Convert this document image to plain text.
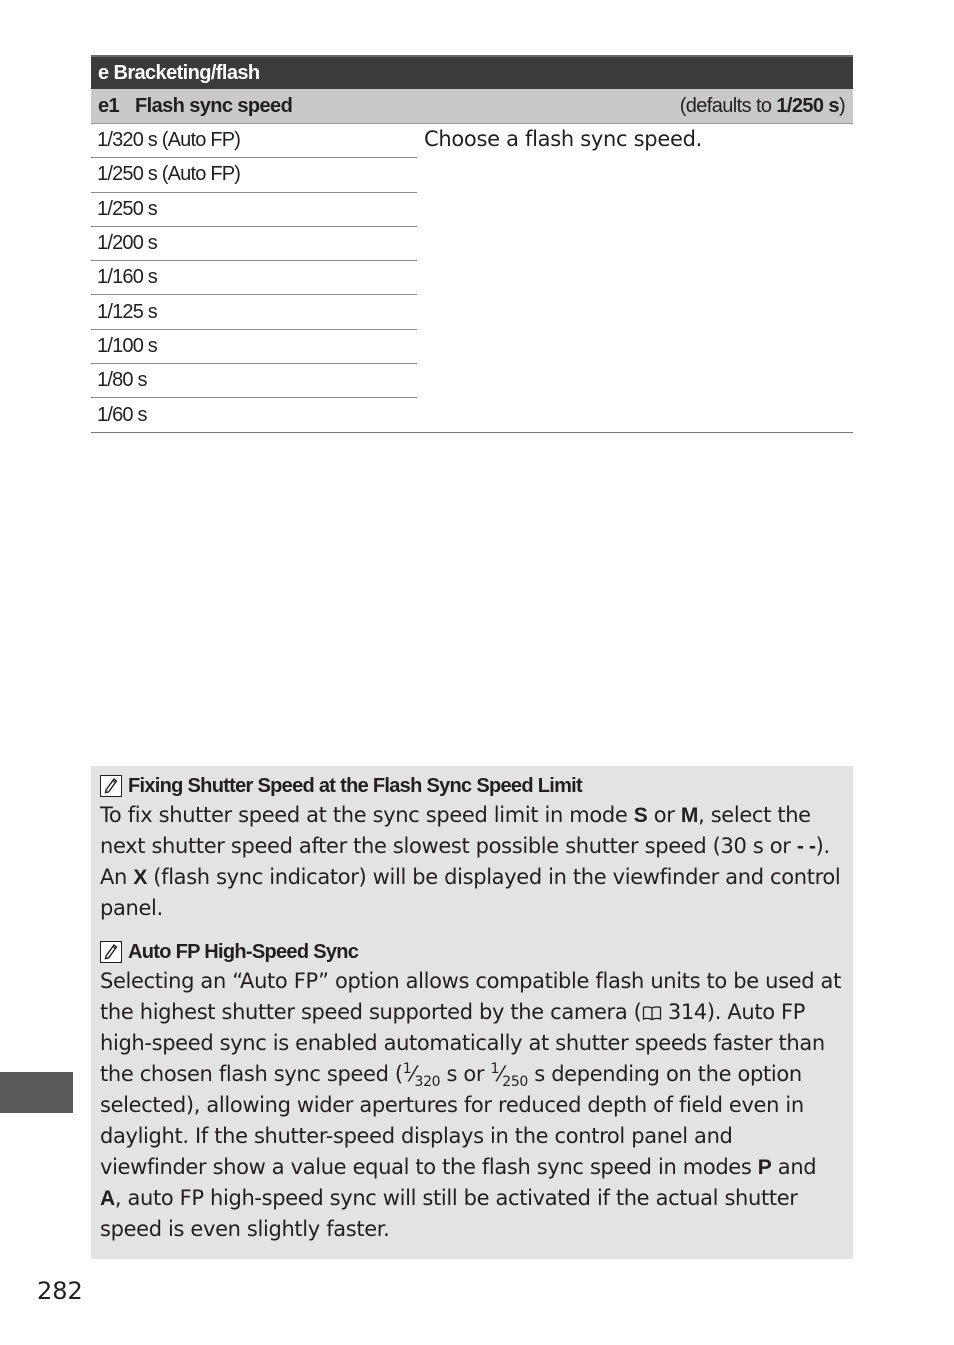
e Bracketing/flash
e1 Flash sync speed	(defaults to 1/250 s)
1/320 s (Auto FP)
1/250 s (Auto FP)
1/250 s
1/200 s
1/160 s
1/125 s
1/100 s
1/80 s
1/60 s
Choose a flash sync speed.
Fixing Shutter Speed at the Flash Sync Speed Limit

To fix shutter speed at the sync speed limit in mode S or M, select the next shutter speed after the slowest possible shutter speed (30 s or - -). An X (flash sync indicator) will be displayed in the viewfinder and control panel.

Auto FP High-Speed Sync

Selecting an “Auto FP” option allows compatible flash units to be used at the highest shutter speed supported by the camera ( 314). Auto FP high-speed sync is enabled automatically at shutter speeds faster than the chosen flash sync speed ($^1⁄_{320}$ s or $^1⁄_{250}$ s depending on the option selected), allowing wider apertures for reduced depth of field even in daylight. If the shutter-speed displays in the control panel and viewfinder show a value equal to the flash sync speed in modes P and A, auto FP high-speed sync will still be activated if the actual shutter speed is even slightly faster.

282
